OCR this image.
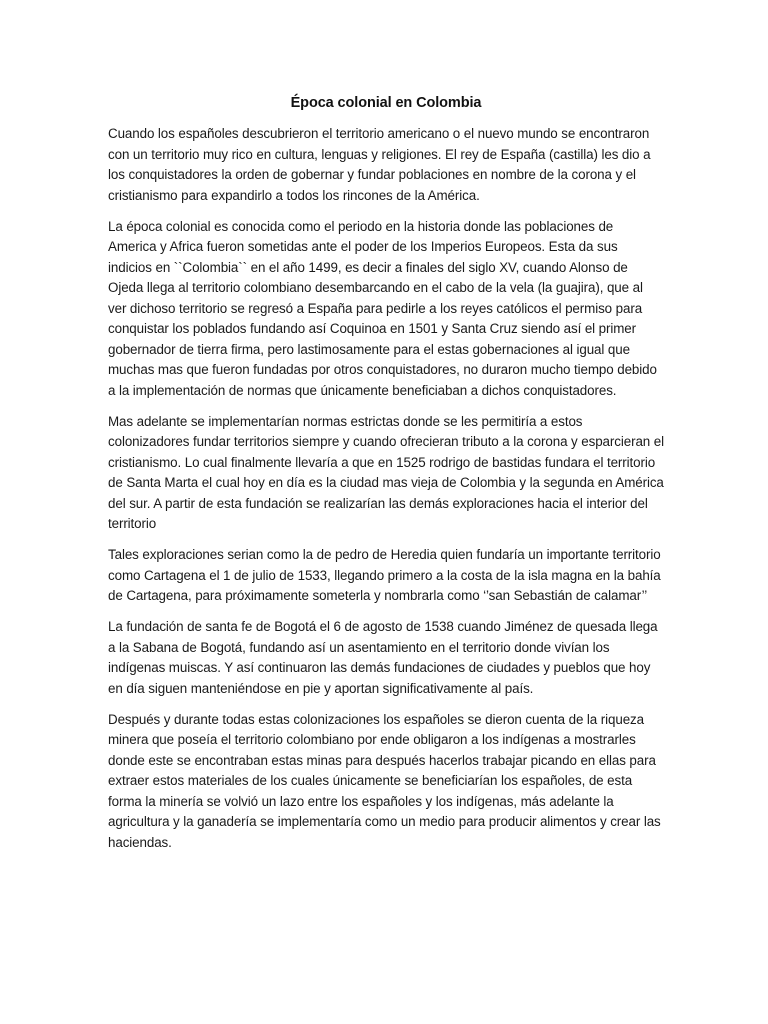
Época colonial en Colombia

Cuando los españoles descubrieron el territorio americano o el nuevo mundo se encontraron con un territorio muy rico en cultura, lenguas y religiones. El rey de España (castilla) les dio a los conquistadores la orden de gobernar y fundar poblaciones en nombre de la corona y el cristianismo para expandirlo a todos los rincones de la América.

La época colonial es conocida como el periodo en la historia donde las poblaciones de America y Africa fueron sometidas ante el poder de los Imperios Europeos. Esta da sus indicios en ``Colombia`` en el año 1499, es decir a finales del siglo XV, cuando Alonso de Ojeda llega al territorio colombiano desembarcando en el cabo de la vela (la guajira), que al ver dichoso territorio se regresó a España para pedirle a los reyes católicos el permiso para conquistar los poblados fundando así Coquinoa en 1501 y Santa Cruz siendo así el primer gobernador de tierra firma, pero lastimosamente para el estas gobernaciones al igual que muchas mas que fueron fundadas por otros conquistadores, no duraron mucho tiempo debido a la implementación de normas que únicamente beneficiaban a dichos conquistadores.

Mas adelante se implementarían normas estrictas donde se les permitiría a estos colonizadores fundar territorios siempre y cuando ofrecieran tributo a la corona y esparcieran el cristianismo. Lo cual finalmente llevaría a que en 1525 rodrigo de bastidas fundara el territorio de Santa Marta el cual hoy en día es la ciudad mas vieja de Colombia y la segunda en América del sur. A partir de esta fundación se realizarían las demás exploraciones hacia el interior del territorio

Tales exploraciones serian como la de pedro de Heredia quien fundaría un importante territorio como Cartagena el 1 de julio de 1533, llegando primero a la costa de la isla magna en la bahía de Cartagena, para próximamente someterla y nombrarla como ‘’san Sebastián de calamar’’

La fundación de santa fe de Bogotá el 6 de agosto de 1538 cuando Jiménez de quesada llega a la Sabana de Bogotá, fundando así un asentamiento en el territorio donde vivían los indígenas muiscas. Y así continuaron las demás fundaciones de ciudades y pueblos que hoy en día siguen manteniéndose en pie y aportan significativamente al país.

Después y durante todas estas colonizaciones los españoles se dieron cuenta de la riqueza minera que poseía el territorio colombiano por ende obligaron a los indígenas a mostrarles donde este se encontraban estas minas para después hacerlos trabajar picando en ellas para extraer estos materiales de los cuales únicamente se beneficiarían los españoles, de esta forma la minería se volvió un lazo entre los españoles y los indígenas, más adelante la agricultura y la ganadería se implementaría como un medio para producir alimentos y crear las haciendas.
